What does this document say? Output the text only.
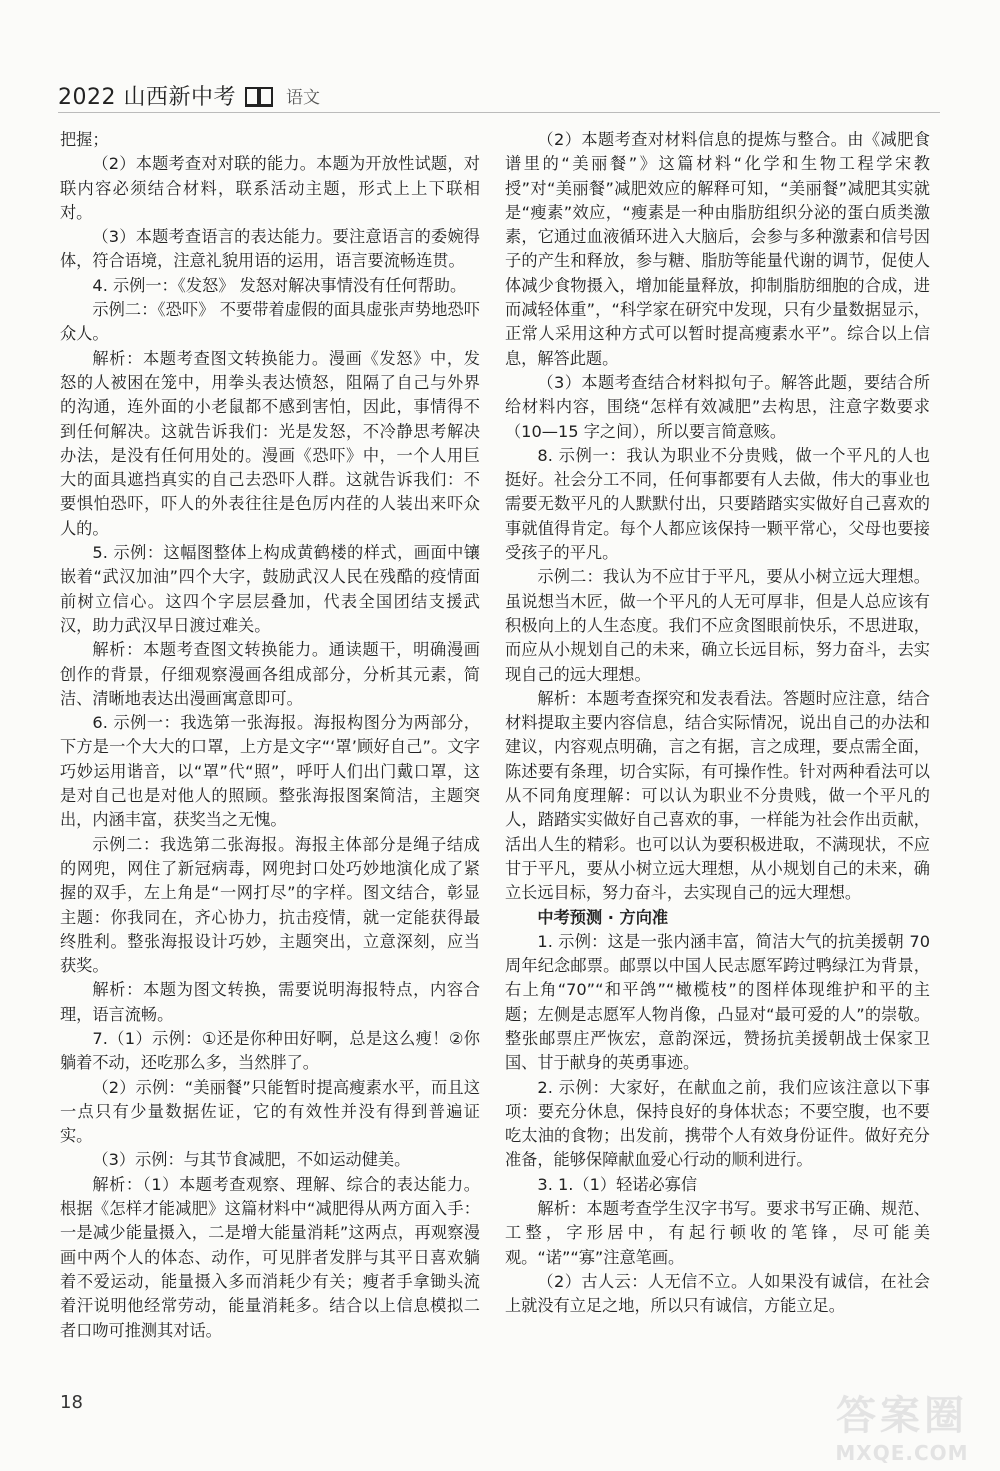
2022 山西新中考	语文

把握；

（2）本题考查对对联的能力。本题为开放性试题，对联内容必须结合材料，联系活动主题，形式上上下联相对。

（3）本题考查语言的表达能力。要注意语言的委婉得体，符合语境，注意礼貌用语的运用，语言要流畅连贯。

4. 示例一：《发怒》 发怒对解决事情没有任何帮助。

示例二：《恐吓》 不要带着虚假的面具虚张声势地恐吓众人。

解析：本题考查图文转换能力。漫画《发怒》中，发怒的人被困在笼中，用拳头表达愤怒，阻隔了自己与外界的沟通，连外面的小老鼠都不感到害怕，因此，事情得不到任何解决。这就告诉我们：光是发怒，不冷静思考解决办法，是没有任何用处的。漫画《恐吓》中，一个人用巨大的面具遮挡真实的自己去恐吓人群。这就告诉我们：不要惧怕恐吓，吓人的外表往往是色厉内荏的人装出来吓众人的。

5. 示例：这幅图整体上构成黄鹤楼的样式，画面中镶嵌着“武汉加油”四个大字，鼓励武汉人民在残酷的疫情面前树立信心。这四个字层层叠加，代表全国团结支援武汉，助力武汉早日渡过难关。

解析：本题考查图文转换能力。通读题干，明确漫画创作的背景，仔细观察漫画各组成部分，分析其元素，简洁、清晰地表达出漫画寓意即可。

6. 示例一：我选第一张海报。海报构图分为两部分，下方是一个大大的口罩，上方是文字“‘罩’顾好自己”。文字巧妙运用谐音，以“罩”代“照”，呼吁人们出门戴口罩，这是对自己也是对他人的照顾。整张海报图案简洁，主题突出，内涵丰富，获奖当之无愧。

示例二：我选第二张海报。海报主体部分是绳子结成的网兜，网住了新冠病毒，网兜封口处巧妙地演化成了紧握的双手，左上角是“一网打尽”的字样。图文结合，彰显主题：你我同在，齐心协力，抗击疫情，就一定能获得最终胜利。整张海报设计巧妙，主题突出，立意深刻，应当获奖。

解析：本题为图文转换，需要说明海报特点，内容合理，语言流畅。

7.（1）示例：①还是你种田好啊，总是这么瘦！②你躺着不动，还吃那么多，当然胖了。

（2）示例：“美丽餐”只能暂时提高瘦素水平，而且这一点只有少量数据佐证，它的有效性并没有得到普遍证实。

（3）示例：与其节食减肥，不如运动健美。

解析：（1）本题考查观察、理解、综合的表达能力。根据《怎样才能减肥》这篇材料中“减肥得从两方面入手：一是减少能量摄入，二是增大能量消耗”这两点，再观察漫画中两个人的体态、动作，可见胖者发胖与其平日喜欢躺着不爱运动，能量摄入多而消耗少有关；瘦者手拿锄头流着汗说明他经常劳动，能量消耗多。结合以上信息模拟二者口吻可推测其对话。

（2）本题考查对材料信息的提炼与整合。由《减肥食谱里的“美丽餐”》这篇材料“化学和生物工程学宋教授”对“美丽餐”减肥效应的解释可知，“美丽餐”减肥其实就是“瘦素”效应，“瘦素是一种由脂肪组织分泌的蛋白质类激素，它通过血液循环进入大脑后，会参与多种激素和信号因子的产生和释放，参与糖、脂肪等能量代谢的调节，促使人体减少食物摄入，增加能量释放，抑制脂肪细胞的合成，进而减轻体重”，“科学家在研究中发现，只有少量数据显示，正常人采用这种方式可以暂时提高瘦素水平”。综合以上信息，解答此题。

（3）本题考查结合材料拟句子。解答此题，要结合所给材料内容，围绕“怎样有效减肥”去构思，注意字数要求（10—15 字之间），所以要言简意赅。

8. 示例一：我认为职业不分贵贱，做一个平凡的人也挺好。社会分工不同，任何事都要有人去做，伟大的事业也需要无数平凡的人默默付出，只要踏踏实实做好自己喜欢的事就值得肯定。每个人都应该保持一颗平常心，父母也要接受孩子的平凡。

示例二：我认为不应甘于平凡，要从小树立远大理想。虽说想当木匠，做一个平凡的人无可厚非，但是人总应该有积极向上的人生态度。我们不应贪图眼前快乐，不思进取，而应从小规划自己的未来，确立长远目标，努力奋斗，去实现自己的远大理想。

解析：本题考查探究和发表看法。答题时应注意，结合材料提取主要内容信息，结合实际情况，说出自己的办法和建议，内容观点明确，言之有据，言之成理，要点需全面，陈述要有条理，切合实际，有可操作性。针对两种看法可以从不同角度理解：可以认为职业不分贵贱，做一个平凡的人，踏踏实实做好自己喜欢的事，一样能为社会作出贡献，活出人生的精彩。也可以认为要积极进取，不满现状，不应甘于平凡，要从小树立远大理想，从小规划自己的未来，确立长远目标，努力奋斗，去实现自己的远大理想。

中考预测 · 方向准

1. 示例：这是一张内涵丰富，简洁大气的抗美援朝 70 周年纪念邮票。邮票以中国人民志愿军跨过鸭绿江为背景，右上角“70”“和平鸽”“橄榄枝”的图样体现维护和平的主题；左侧是志愿军人物肖像，凸显对“最可爱的人”的崇敬。整张邮票庄严恢宏，意韵深远，赞扬抗美援朝战士保家卫国、甘于献身的英勇事迹。

2. 示例：大家好，在献血之前，我们应该注意以下事项：要充分休息，保持良好的身体状态；不要空腹，也不要吃太油的食物；出发前，携带个人有效身份证件。做好充分准备，能够保障献血爱心行动的顺利进行。

3. 1.（1）轻诺必寡信

解析：本题考查学生汉字书写。要求书写正确、规范、工整，字形居中，有起行顿收的笔锋，尽可能美观。“诺”“寡”注意笔画。

（2）古人云：人无信不立。人如果没有诚信，在社会上就没有立足之地，所以只有诚信，方能立足。

18	答案圈
MXQE.COM
